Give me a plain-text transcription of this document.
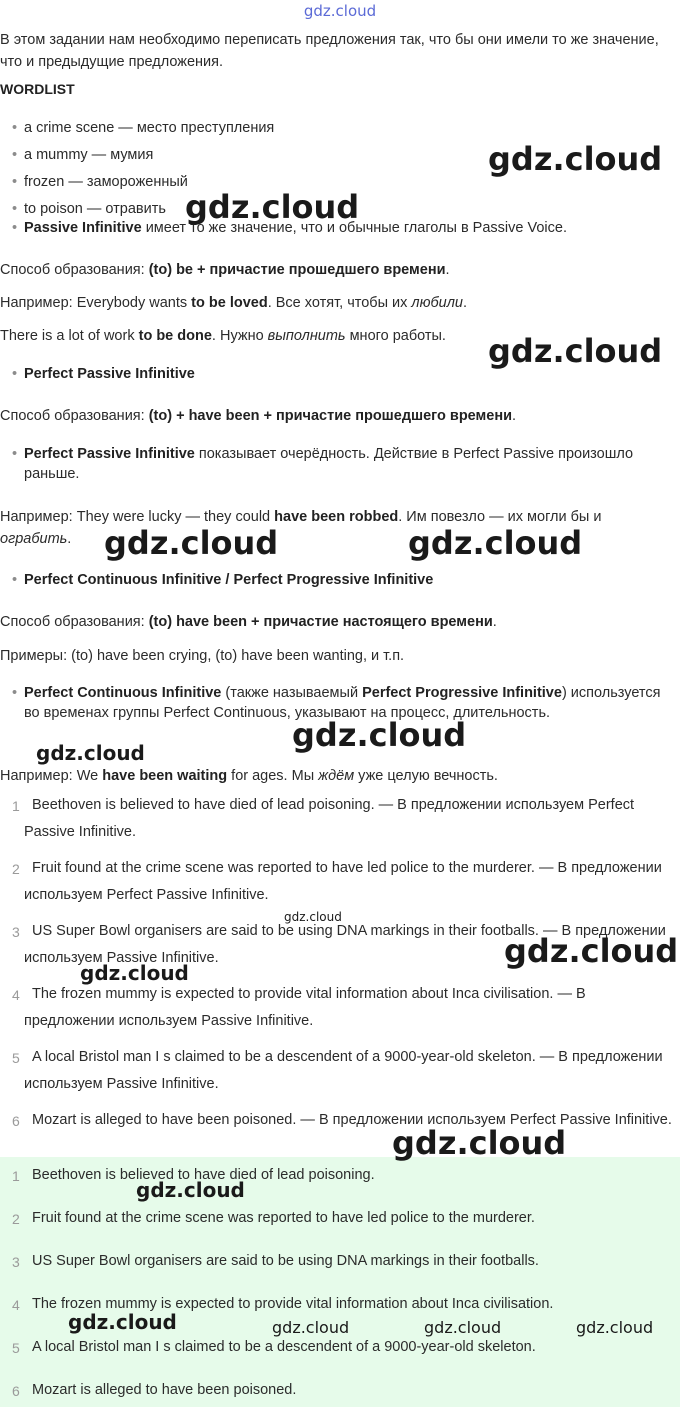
gdz.cloud

В этом задании нам необходимо переписать предложения так, что бы они имели то же значение, что и предыдущие предложения.

WORDLIST
• a crime scene — место преступления
• a mummy — мумия
• frozen — замороженный
• to poison — отравить
• Passive Infinitive имеет то же значение, что и обычные глаголы в Passive Voice.

Способ образования: (to) be + причастие прошедшего времени.

Например: Everybody wants to be loved. Все хотят, чтобы их любили.

There is a lot of work to be done. Нужно выполнить много работы.

• Perfect Passive Infinitive

Способ образования: (to) + have been + причастие прошедшего времени.

• Perfect Passive Infinitive показывает очерёдность. Действие в Perfect Passive произошло раньше.

Например: They were lucky — they could have been robbed. Им повезло — их могли бы и ограбить.

• Perfect Continuous Infinitive / Perfect Progressive Infinitive

Способ образования: (to) have been + причастие настоящего времени.

Примеры: (to) have been crying, (to) have been wanting, и т.п.

• Perfect Continuous Infinitive (также называемый Perfect Progressive Infinitive) используется во временах группы Perfect Continuous, указывают на процесс, длительность.

Например: We have been waiting for ages. Мы ждём уже целую вечность.

1 Beethoven is believed to have died of lead poisoning. — В предложении используем Perfect Passive Infinitive.
2 Fruit found at the crime scene was reported to have led police to the murderer. — В предложении используем Perfect Passive Infinitive.
3 US Super Bowl organisers are said to be using DNA markings in their footballs. — В предложении используем Passive Infinitive.
4 The frozen mummy is expected to provide vital information about Inca civilisation. — В предложении используем Passive Infinitive.
5 A local Bristol man I s claimed to be a descendent of a 9000-year-old skeleton. — В предложении используем Passive Infinitive.
6 Mozart is alleged to have been poisoned. — В предложении используем Perfect Passive Infinitive.
1 Beethoven is believed to have died of lead poisoning.
2 Fruit found at the crime scene was reported to have led police to the murderer.
3 US Super Bowl organisers are said to be using DNA markings in their footballs.
4 The frozen mummy is expected to provide vital information about Inca civilisation.
5 A local Bristol man I s claimed to be a descendent of a 9000-year-old skeleton.
6 Mozart is alleged to have been poisoned.
gdz.cloud
gdz.cloud
gdz.cloud
gdz.cloud	gdz.cloud
gdz.cloud
gdz.cloud
gdz.cloud
gdz.cloud
gdz.cloud
gdz.cloud
gdz.cloud
gdz.cloud	gdz.cloud	gdz.cloud	gdz.cloud
